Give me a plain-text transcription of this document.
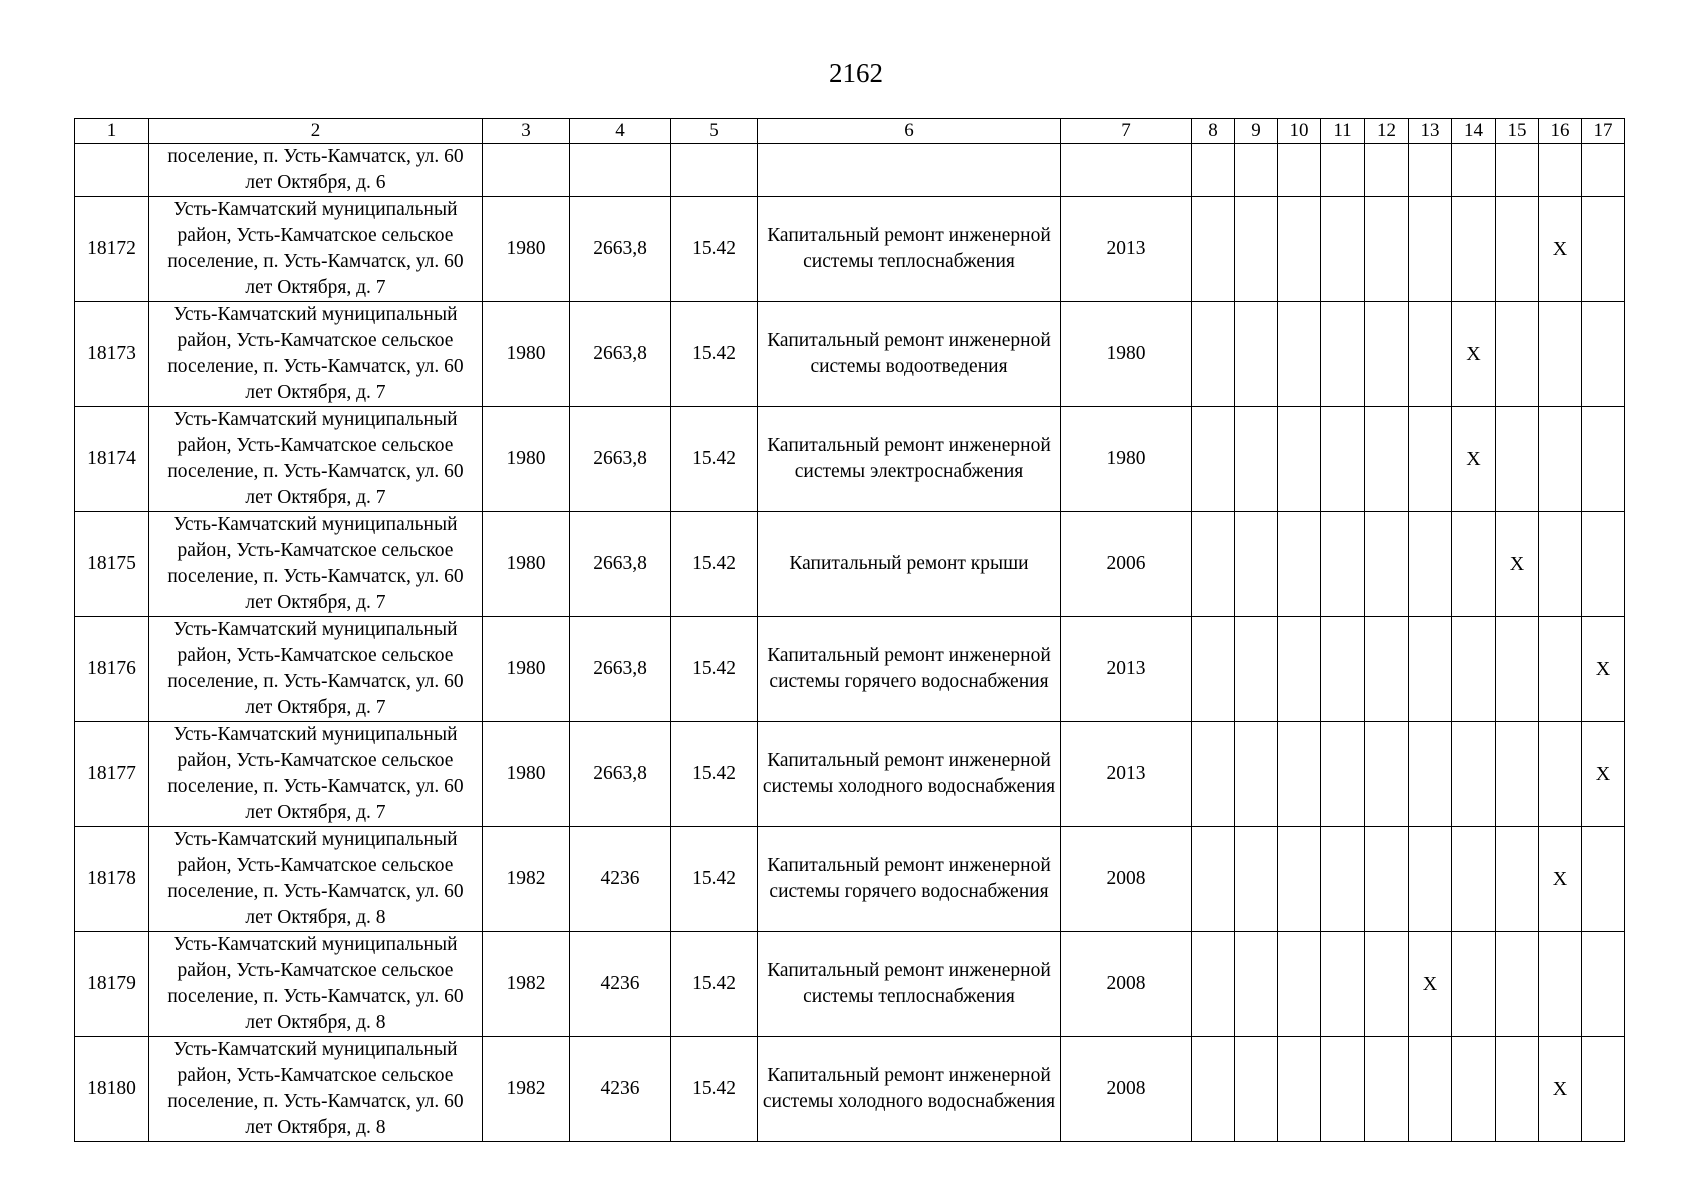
2162
1	2	3	4	5	6	7	8	9	10	11	12	13	14	15	16	17
	поселение, п. Усть-Камчатск, ул. 60 лет Октября, д. 6															
18172	Усть-Камчатский муниципальный район, Усть-Камчатское сельское поселение, п. Усть-Камчатск, ул. 60 лет Октября, д. 7	1980	2663,8	15.42	Капитальный ремонт инженерной системы теплоснабжения	2013									X	
18173	Усть-Камчатский муниципальный район, Усть-Камчатское сельское поселение, п. Усть-Камчатск, ул. 60 лет Октября, д. 7	1980	2663,8	15.42	Капитальный ремонт инженерной системы водоотведения	1980							X			
18174	Усть-Камчатский муниципальный район, Усть-Камчатское сельское поселение, п. Усть-Камчатск, ул. 60 лет Октября, д. 7	1980	2663,8	15.42	Капитальный ремонт инженерной системы электроснабжения	1980							X			
18175	Усть-Камчатский муниципальный район, Усть-Камчатское сельское поселение, п. Усть-Камчатск, ул. 60 лет Октября, д. 7	1980	2663,8	15.42	Капитальный ремонт крыши	2006								X		
18176	Усть-Камчатский муниципальный район, Усть-Камчатское сельское поселение, п. Усть-Камчатск, ул. 60 лет Октября, д. 7	1980	2663,8	15.42	Капитальный ремонт инженерной системы горячего водоснабжения	2013										X
18177	Усть-Камчатский муниципальный район, Усть-Камчатское сельское поселение, п. Усть-Камчатск, ул. 60 лет Октября, д. 7	1980	2663,8	15.42	Капитальный ремонт инженерной системы холодного водоснабжения	2013										X
18178	Усть-Камчатский муниципальный район, Усть-Камчатское сельское поселение, п. Усть-Камчатск, ул. 60 лет Октября, д. 8	1982	4236	15.42	Капитальный ремонт инженерной системы горячего водоснабжения	2008									X	
18179	Усть-Камчатский муниципальный район, Усть-Камчатское сельское поселение, п. Усть-Камчатск, ул. 60 лет Октября, д. 8	1982	4236	15.42	Капитальный ремонт инженерной системы теплоснабжения	2008						X				
18180	Усть-Камчатский муниципальный район, Усть-Камчатское сельское поселение, п. Усть-Камчатск, ул. 60 лет Октября, д. 8	1982	4236	15.42	Капитальный ремонт инженерной системы холодного водоснабжения	2008									X	
